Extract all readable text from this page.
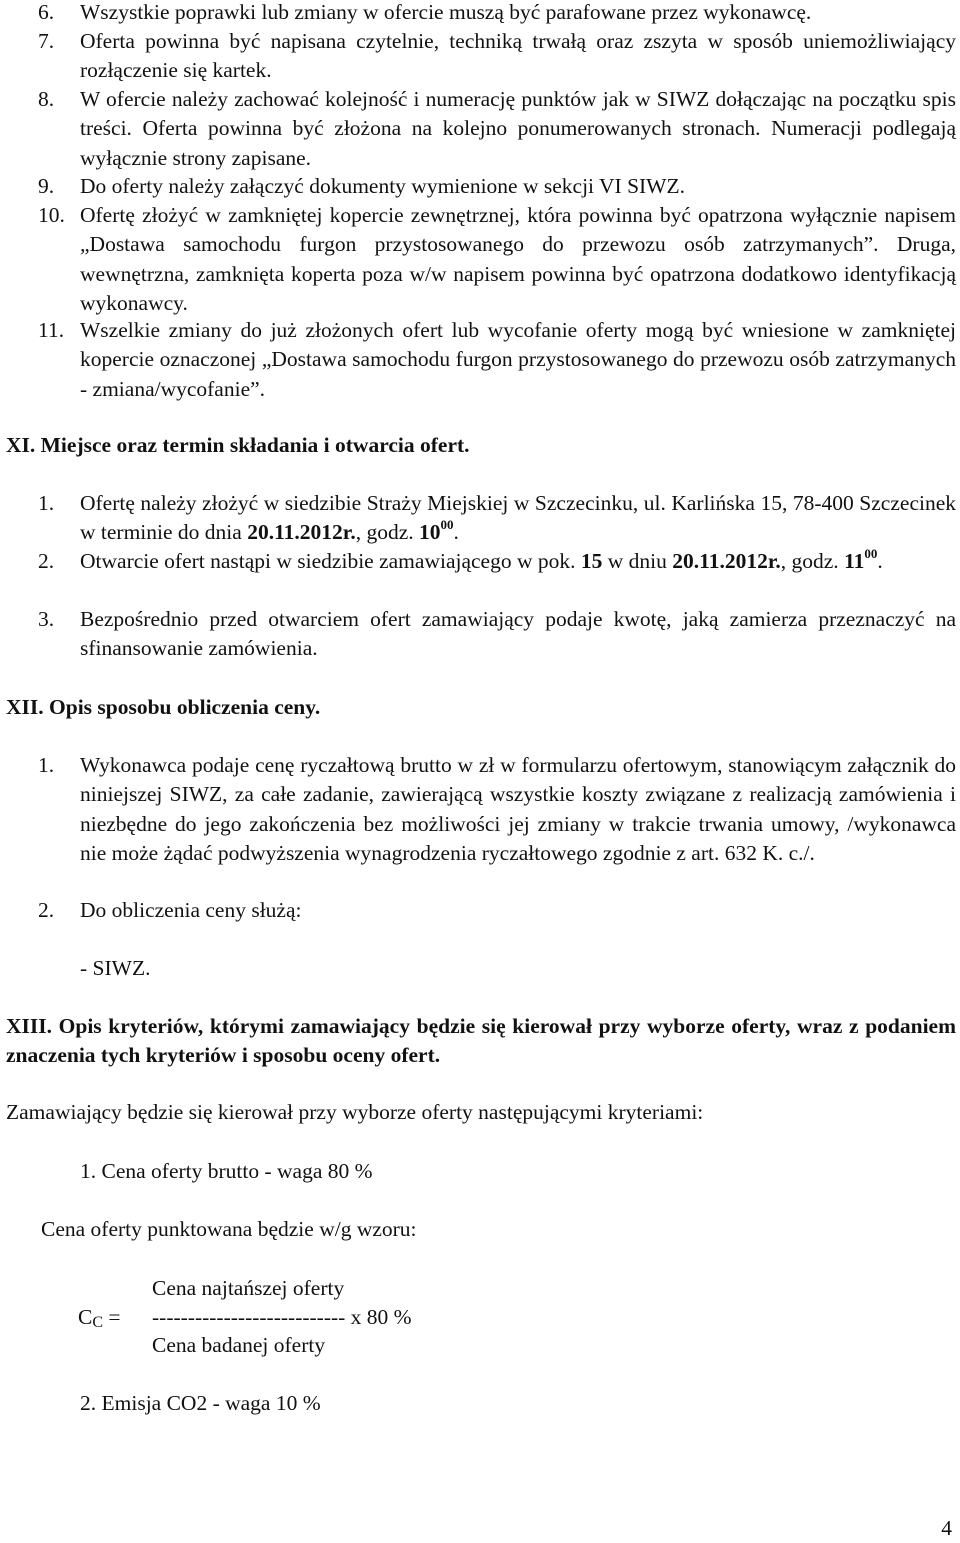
6.	Wszystkie poprawki lub zmiany w ofercie muszą być parafowane przez wykonawcę.
7.	Oferta powinna być napisana czytelnie, techniką trwałą oraz zszyta w sposób uniemożliwiający rozłączenie się kartek.
8.	W ofercie należy zachować kolejność i numerację punktów jak w SIWZ dołączając na początku spis treści. Oferta powinna być złożona na kolejno ponumerowanych stronach. Numeracji podlegają wyłącznie strony zapisane.
9.	Do oferty należy załączyć dokumenty wymienione w sekcji VI SIWZ.
10. Ofertę złożyć w zamkniętej kopercie zewnętrznej, która powinna być opatrzona wyłącznie napisem „Dostawa samochodu furgon przystosowanego do przewozu osób zatrzymanych”. Druga, wewnętrzna, zamknięta koperta poza w/w napisem powinna być opatrzona dodatkowo identyfikacją wykonawcy.
11. Wszelkie zmiany do już złożonych ofert lub wycofanie oferty mogą być wniesione w zamkniętej kopercie oznaczonej „Dostawa samochodu furgon przystosowanego do przewozu osób zatrzymanych - zmiana/wycofanie”.
XI. Miejsce oraz termin składania i otwarcia ofert.
1.	Ofertę należy złożyć w siedzibie Straży Miejskiej w Szczecinku, ul. Karlińska 15, 78-400 Szczecinek w terminie do dnia 20.11.2012r., godz. $10^{00}$.
2.	Otwarcie ofert nastąpi w siedzibie zamawiającego w pok. 15 w dniu 20.11.2012r., godz. $11^{00}$.
3.	Bezpośrednio przed otwarciem ofert zamawiający podaje kwotę, jaką zamierza przeznaczyć na sfinansowanie zamówienia.
XII. Opis sposobu obliczenia ceny.
1.	Wykonawca podaje cenę ryczałtową brutto w zł w formularzu ofertowym, stanowiącym załącznik do niniejszej SIWZ, za całe zadanie, zawierającą wszystkie koszty związane z realizacją zamówienia i niezbędne do jego zakończenia bez możliwości jej zmiany w trakcie trwania umowy, /wykonawca nie może żądać podwyższenia wynagrodzenia ryczałtowego zgodnie z art. 632 K. c./.
2.	Do obliczenia ceny służą:
- SIWZ.
XIII. Opis kryteriów, którymi zamawiający będzie się kierował przy wyborze oferty, wraz z podaniem znaczenia tych kryteriów i sposobu oceny ofert.
Zamawiający będzie się kierował przy wyborze oferty następującymi kryteriami:
1. Cena oferty brutto - waga 80 %
Cena oferty punktowana będzie w/g wzoru:
Cena najtańszej oferty
CC = --------------------------- x 80 %
Cena badanej oferty
2. Emisja CO2 - waga 10 %
4
